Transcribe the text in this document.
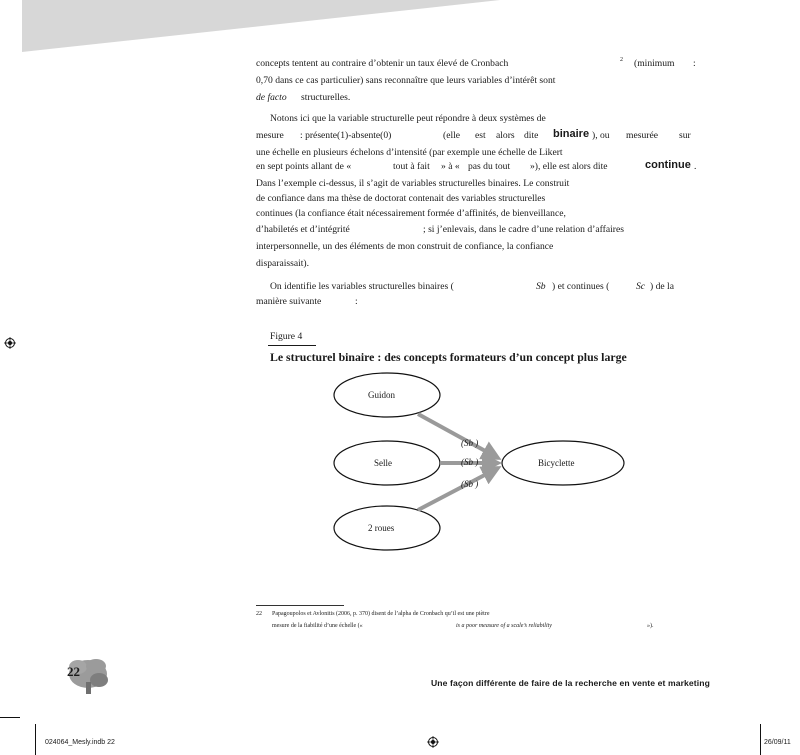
concepts tentent au contraire d’obtenir un taux élevé de Cronbach	2 (minimum :
0,70 dans ce cas particulier) sans reconnaître que leurs variables d’intérêt sont
de facto structurelles.
Notons ici que la variable structurelle peut répondre à deux systèmes de
mesure : présente(1)-absente(0)	(elle est alors dite binaire ), ou mesurée sur
une échelle en plusieurs échelons d’intensité (par exemple une échelle de Likert
en sept points allant de «	tout à fait » à « pas du tout »), elle est alors dite	continue .
Dans l’exemple ci-dessus, il s’agit de variables structurelles binaires. Le construit
de confiance dans ma thèse de doctorat contenait des variables structurelles
continues (la confiance était nécessairement formée d’affinités, de bienveillance,
d’habiletés et d’intégrité	; si j’enlevais, dans le cadre d’une relation d’affaires
interpersonnelle, un des éléments de mon construit de confiance, la confiance
disparaissait).
On identifie les variables structurelles binaires (	Sb ) et continues (	Sc ) de la
manière suivante	:
Figure 4
Le structurel binaire : des concepts formateurs d’un concept plus large
Guidon
Selle
2 roues
Bicyclette
(Sb )
(Sb )
(Sb )
22 Papagoupolos et Avlonitis (2006, p. 370) disent de l’alpha de Cronbach qu’il est une piètre
mesure de la fiabilité d’une échelle («	is a poor measure of a scale’s reliability	»).
22
Une façon différente de faire de la recherche en vente et marketing
024064_Mesly.indb 22	26/09/11
